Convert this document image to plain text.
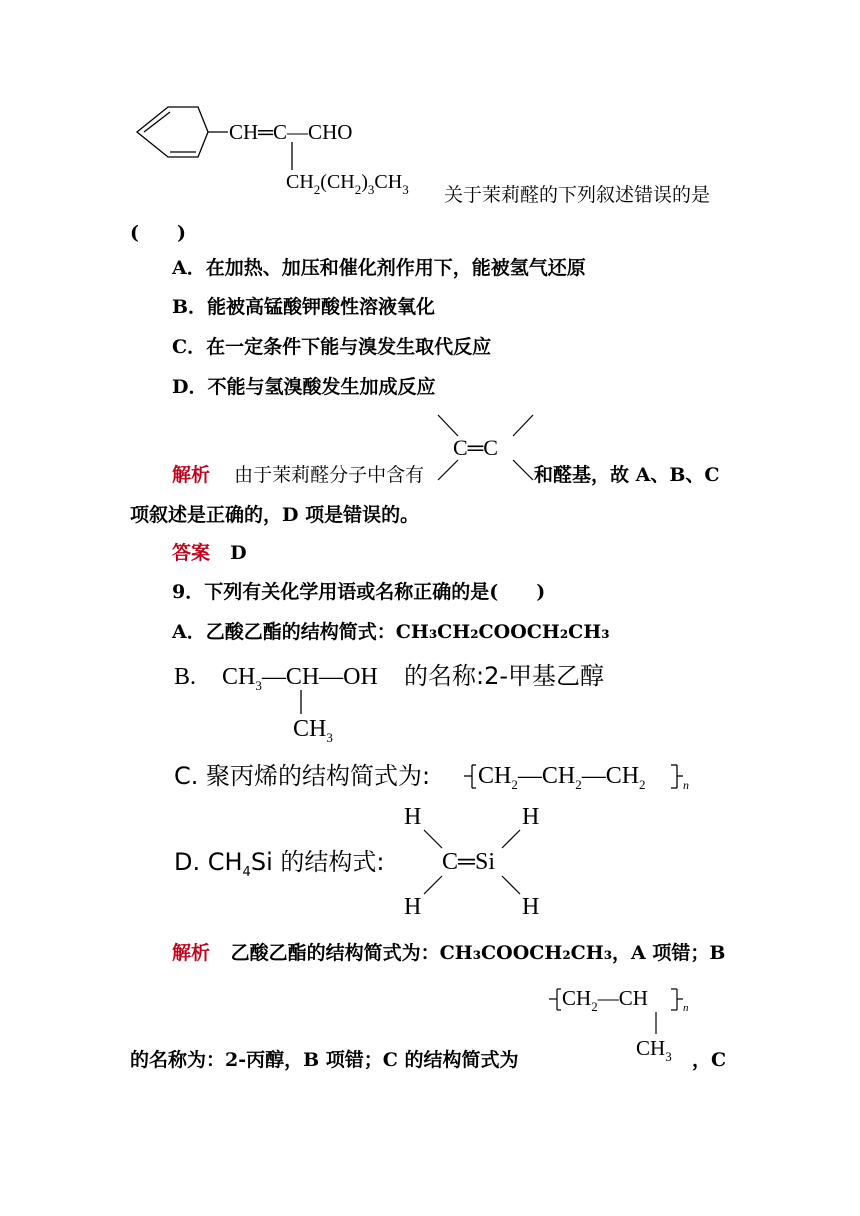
CH═C—CHO
$CH_2(CH_2)_3CH_3$ 关于茉莉醛的下列叙述错误的是
(　　)
A．在加热、加压和催化剂作用下，能被氢气还原
B．能被高锰酸钾酸性溶液氧化
C．在一定条件下能与溴发生取代反应
D．不能与氢溴酸发生加成反应
C═C
解析 由于茉莉醛分子中含有	和醛基，故 A、B、C
项叙述是正确的，D 项是错误的。
答案 D
9．下列有关化学用语或名称正确的是(　　)
A．乙酸乙酯的结构简式：CH₃CH₂COOCH₂CH₃
B. $CH_3—CH—OH$
$CH_3$
的名称:2-甲基乙醇
C. 聚丙烯的结构简式为: $CH_2—CH_2—CH_2$	n
D. $CH_4Si$ 的结构式:
H	H
C═Si
H	H
解析 乙酸乙酯的结构简式为：CH₃COOCH₂CH₃，A 项错；B
$CH_2—CH$	n
$CH_3$
的名称为：2-丙醇，B 项错；C 的结构简式为	，C
